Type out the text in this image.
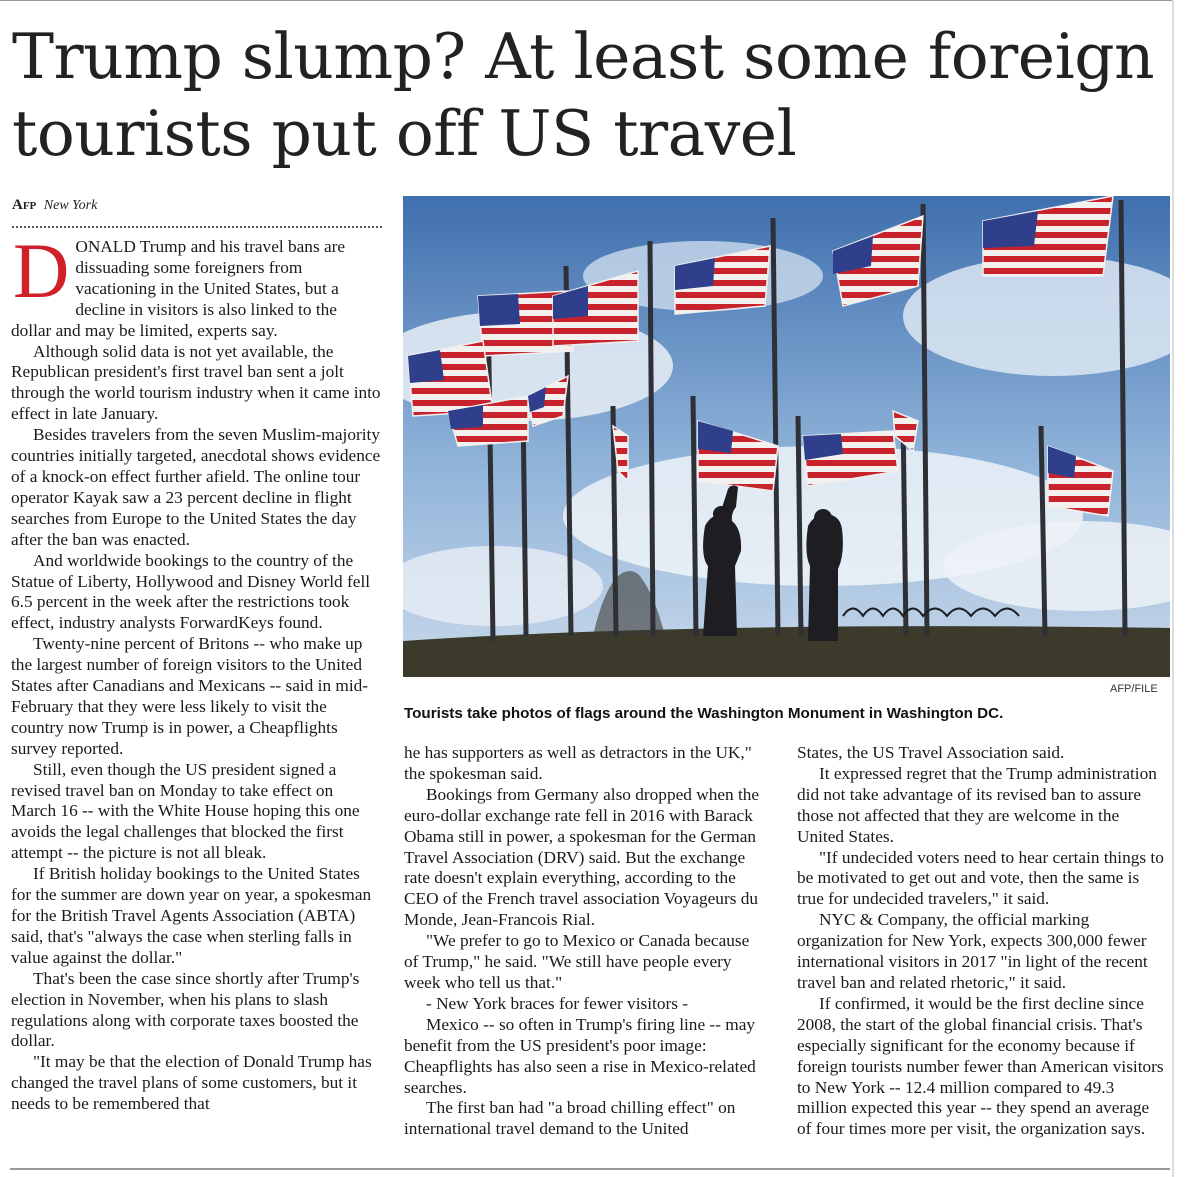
Trump slump? At least some foreign tourists put off US travel
Afp New York

DONALD Trump and his travel bans are dissuading some foreigners from vacationing in the United States, but a decline in visitors is also linked to the dollar and may be limited, experts say.

Although solid data is not yet available, the Republican president's first travel ban sent a jolt through the world tourism industry when it came into effect in late January.

Besides travelers from the seven Muslim-majority countries initially targeted, anecdotal shows evidence of a knock-on effect further afield. The online tour operator Kayak saw a 23 percent decline in flight searches from Europe to the United States the day after the ban was enacted.

And worldwide bookings to the country of the Statue of Liberty, Hollywood and Disney World fell 6.5 percent in the week after the restrictions took effect, industry analysts ForwardKeys found.

Twenty-nine percent of Britons -- who make up the largest number of foreign visitors to the United States after Canadians and Mexicans -- said in mid-February that they were less likely to visit the country now Trump is in power, a Cheapflights survey reported.

Still, even though the US president signed a revised travel ban on Monday to take effect on March 16 -- with the White House hoping this one avoids the legal challenges that blocked the first attempt -- the picture is not all bleak.

If British holiday bookings to the United States for the summer are down year on year, a spokesman for the British Travel Agents Association (ABTA) said, that's "always the case when sterling falls in value against the dollar."

That's been the case since shortly after Trump's election in November, when his plans to slash regulations along with corporate taxes boosted the dollar.

"It may be that the election of Donald Trump has changed the travel plans of some customers, but it needs to be remembered that

AFP/FILE
Tourists take photos of flags around the Washington Monument in Washington DC.

he has supporters as well as detractors in the UK," the spokesman said.

Bookings from Germany also dropped when the euro-dollar exchange rate fell in 2016 with Barack Obama still in power, a spokesman for the German Travel Association (DRV) said. But the exchange rate doesn't explain everything, according to the CEO of the French travel association Voyageurs du Monde, Jean-Francois Rial.

"We prefer to go to Mexico or Canada because of Trump," he said. "We still have people every week who tell us that."

- New York braces for fewer visitors -

Mexico -- so often in Trump's firing line -- may benefit from the US president's poor image: Cheapflights has also seen a rise in Mexico-related searches.

The first ban had "a broad chilling effect" on international travel demand to the United

States, the US Travel Association said.

It expressed regret that the Trump administration did not take advantage of its revised ban to assure those not affected that they are welcome in the United States.

"If undecided voters need to hear certain things to be motivated to get out and vote, then the same is true for undecided travelers," it said.

NYC & Company, the official marking organization for New York, expects 300,000 fewer international visitors in 2017 "in light of the recent travel ban and related rhetoric," it said.

If confirmed, it would be the first decline since 2008, the start of the global financial crisis. That's especially significant for the economy because if foreign tourists number fewer than American visitors to New York -- 12.4 million compared to 49.3 million expected this year -- they spend an average of four times more per visit, the organization says.
